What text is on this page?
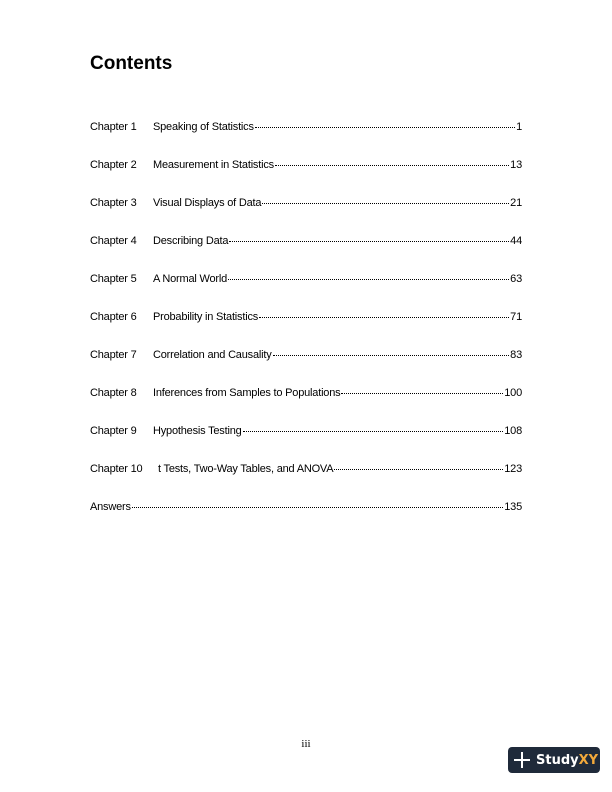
Contents
Chapter 1	Speaking of Statistics	1
Chapter 2	Measurement in Statistics	13
Chapter 3	Visual Displays of Data	21
Chapter 4	Describing Data	44
Chapter 5	A Normal World	63
Chapter 6	Probability in Statistics	71
Chapter 7	Correlation and Causality	83
Chapter 8	Inferences from Samples to Populations	100
Chapter 9	Hypothesis Testing	108
Chapter 10	t Tests, Two-Way Tables, and ANOVA	123
Answers	135
iii
Study XY
